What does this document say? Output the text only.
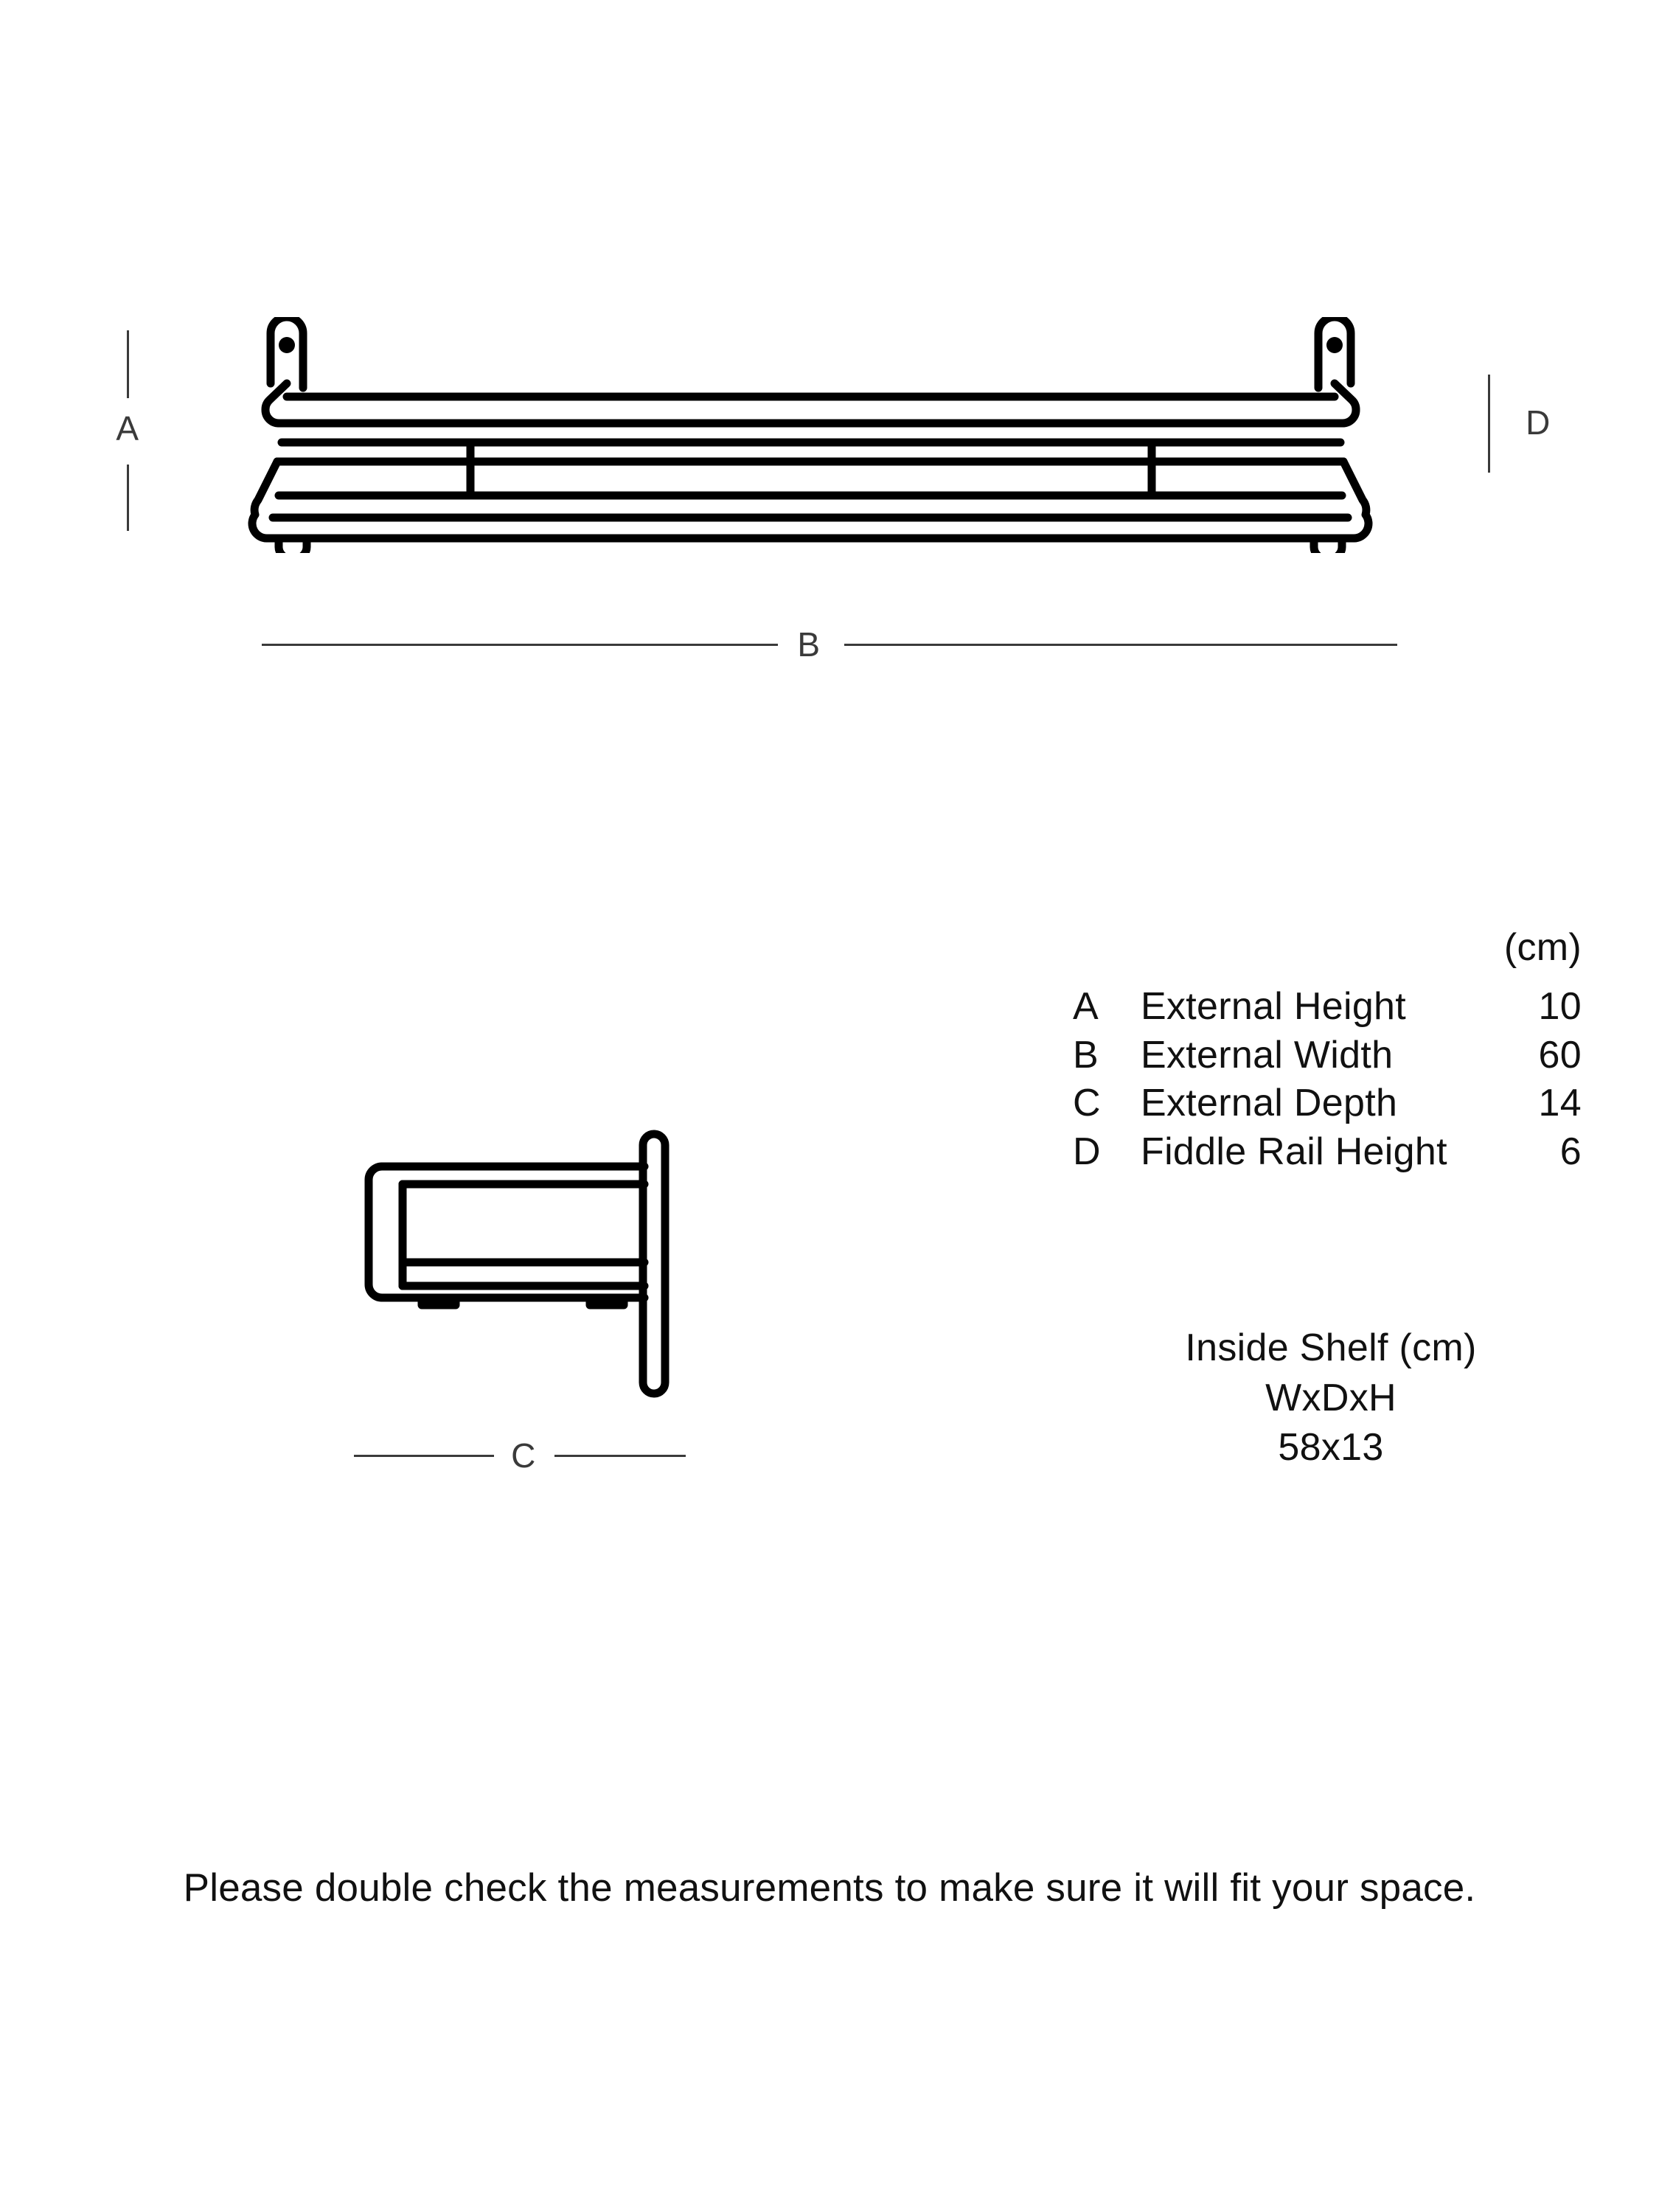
A	D
B
C
(cm)
A	External Height	10
B	External Width	60
C	External Depth	14
D	Fiddle Rail Height	6
Inside Shelf (cm)
WxDxH
58x13
Please double check the measurements to make sure it will fit your space.
